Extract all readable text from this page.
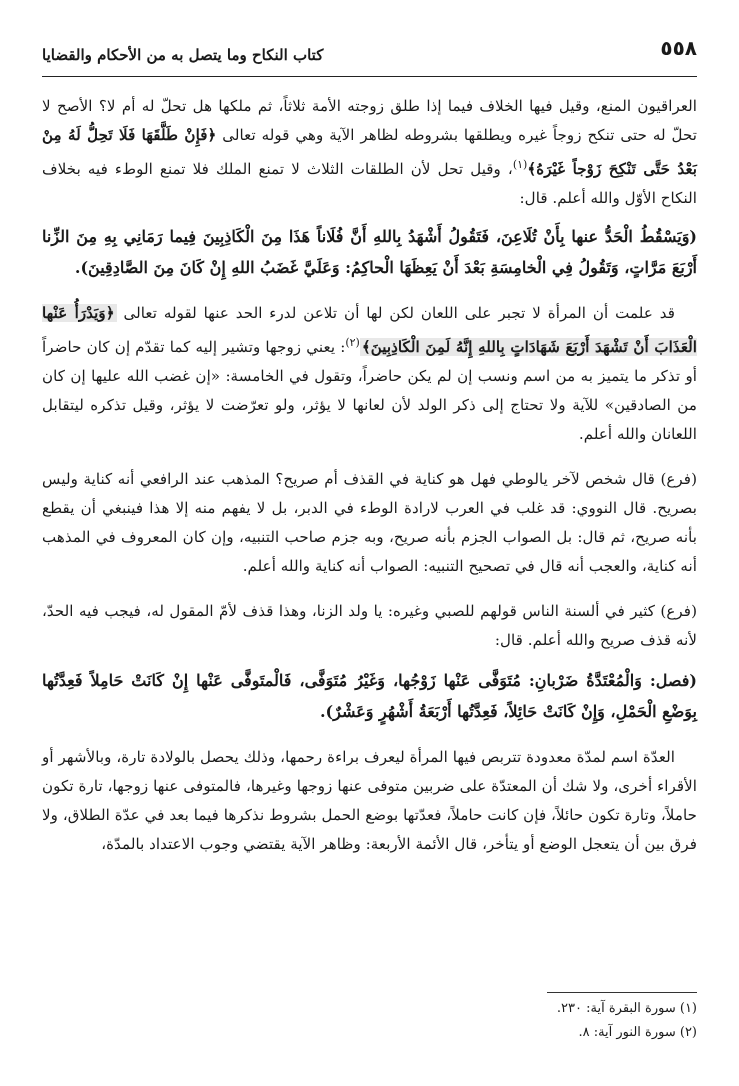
٥٥٨
كتاب النكاح وما يتصل به من الأحكام والقضايا

العراقيون المنع، وقيل فيها الخلاف فيما إذا طلق زوجته الأمة ثلاثاً، ثم ملكها هل تحلّ له أم لا؟ الأصح لا تحلّ له حتى تنكح زوجاً غيره ويطلقها بشروطه لظاهر الآية وهي قوله تعالى ﴿فَإِنْ طَلَّقَهَا فَلَا تَحِلُّ لَهُ مِنْ بَعْدُ حَتَّى تَنْكِحَ زَوْجاً غَيْرَهُ﴾$^{(١)}$، وقيل تحل لأن الطلقات الثلاث لا تمنع الملك فلا تمنع الوطء فيه بخلاف النكاح الأوّل والله أعلم. قال:

(وَيَسْقُطُ الْحَدُّ عنها بِأَنْ تُلَاعِنَ، فَتَقُولُ أَشْهَدُ بِاللهِ أَنَّ فُلَاناً هَذَا مِنَ الْكَاذِبِينَ فِيما رَمَانِي بِهِ مِنَ الزِّنا أَرْبَعَ مَرَّاتٍ، وَتَقُولُ فِي الْخامِسَةِ بَعْدَ أَنْ يَعِظَهَا الْحاكِمُ: وَعَلَيَّ غَضَبُ اللهِ إِنْ كَانَ مِنَ الصَّادِقِينَ).

قد علمت أن المرأة لا تجبر على اللعان لكن لها أن تلاعن لدرء الحد عنها لقوله تعالى ﴿وَيَدْرَأُ عَنْها الْعَذَابَ أَنْ تَشْهَدَ أَرْبَعَ شَهَادَاتٍ بِاللهِ إِنَّهُ لَمِنَ الْكَاذِبِينَ﴾$^{(٢)}$: يعني زوجها وتشير إليه كما تقدّم إن كان حاضراً أو تذكر ما يتميز به من اسم ونسب إن لم يكن حاضراً، وتقول في الخامسة: «إن غضب الله عليها إن كان من الصادقين» للآية ولا تحتاج إلى ذكر الولد لأن لعانها لا يؤثر، ولو تعرّضت لا يؤثر، وقيل تذكره ليتقابل اللعانان والله أعلم.

(فرع) قال شخص لآخر يالوطي فهل هو كناية في القذف أم صريح؟ المذهب عند الرافعي أنه كناية وليس بصريح. قال النووي: قد غلب في العرب لارادة الوطء في الدبر، بل لا يفهم منه إلا هذا فينبغي أن يقطع بأنه صريح، ثم قال: بل الصواب الجزم بأنه صريح، وبه جزم صاحب التنبيه، وإن كان المعروف في المذهب أنه كناية، والعجب أنه قال في تصحيح التنبيه: الصواب أنه كناية والله أعلم.

(فرع) كثير في ألسنة الناس قولهم للصبي وغيره: يا ولد الزنا، وهذا قذف لأمّ المقول له، فيجب فيه الحدّ، لأنه قذف صريح والله أعلم. قال:

(فصل: وَالْمُعْتَدَّةُ ضَرْبانِ: مُتَوَفَّى عَنْها زَوْجُها، وَغَيْرُ مُتَوَفَّى، فَالْمتَوفَّى عَنْها إِنْ كَانَتْ حَامِلاً فَعِدَّتُها بِوَضْعِ الْحَمْلِ، وَإِنْ كَانَتْ حَائِلاً، فَعِدَّتُها أَرْبَعَةُ أَشْهُرٍ وَعَشْرٌ).

العدّة اسم لمدّة معدودة تتربص فيها المرأة ليعرف براءة رحمها، وذلك يحصل بالولادة تارة، وبالأشهر أو الأقراء أخرى، ولا شك أن المعتدّة على ضربين متوفى عنها زوجها وغيرها، فالمتوفى عنها زوجها، تارة تكون حاملاً، وتارة تكون حائلاً، فإن كانت حاملاً، فعدّتها بوضع الحمل بشروط نذكرها فيما بعد في عدّة الطلاق، ولا فرق بين أن يتعجل الوضع أو يتأخر، قال الأئمة الأربعة: وظاهر الآية يقتضي وجوب الاعتداد بالمدّة،

(١) سورة البقرة آية: ٢٣٠.
(٢) سورة النور آية: ٨.
